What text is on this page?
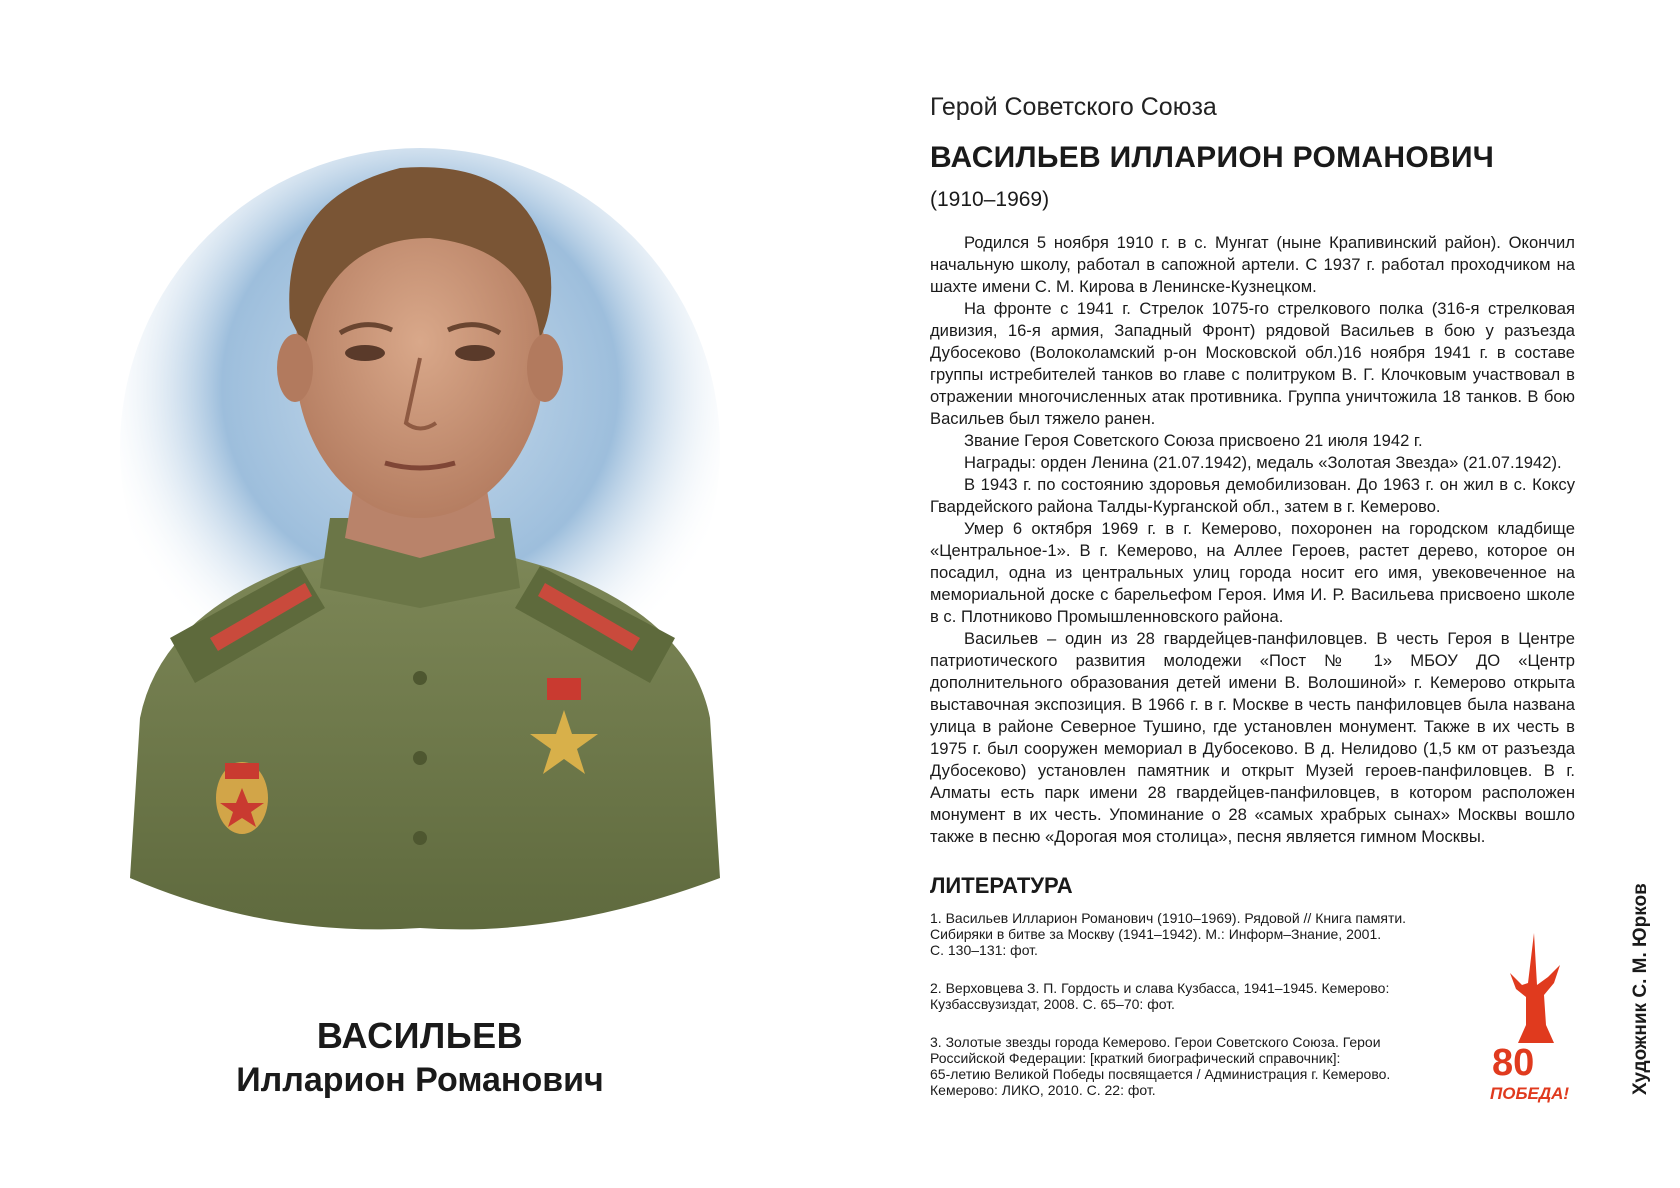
ВАСИЛЬЕВ
Илларион Романович
Герой Советского Союза
ВАСИЛЬЕВ ИЛЛАРИОН РОМАНОВИЧ
(1910–1969)

Родился 5 ноября 1910 г. в с. Мунгат (ныне Крапивинский район). Окончил начальную школу, работал в сапожной артели. С 1937 г. работал проходчиком на шахте имени С. М. Кирова в Ленинске-Кузнецком.

На фронте с 1941 г. Стрелок 1075-го стрелкового полка (316-я стрелковая дивизия, 16-я армия, Западный Фронт) рядовой Васильев в бою у разъезда Дубосеково (Волоколамский р-он Московской обл.)16 ноября 1941 г. в составе группы истребителей танков во главе с политруком В. Г. Клочковым участвовал в отражении многочисленных атак противника. Группа уничтожила 18 танков. В бою Васильев был тяжело ранен.

Звание Героя Советского Союза присвоено 21 июля 1942 г.

Награды: орден Ленина (21.07.1942), медаль «Золотая Звезда» (21.07.1942).

В 1943 г. по состоянию здоровья демобилизован. До 1963 г. он жил в с. Коксу Гвардейского района Талды-Курганской обл., затем в г. Кемерово.

Умер 6 октября 1969 г. в г. Кемерово, похоронен на городском кладбище «Центральное-1». В г. Кемерово, на Аллее Героев, растет дерево, которое он посадил, одна из центральных улиц города носит его имя, увековеченное на мемориальной доске с барельефом Героя. Имя И. Р. Васильева присвоено школе в с. Плотниково Промышленновского района.

Васильев – один из 28 гвардейцев-панфиловцев. В честь Героя в Центре патриотического развития молодежи «Пост № 1» МБОУ ДО «Центр дополнительного образования детей имени В. Волошиной» г. Кемерово открыта выставочная экспозиция. В 1966 г. в г. Москве в честь панфиловцев была названа улица в районе Северное Тушино, где установлен монумент. Также в их честь в 1975 г. был сооружен мемориал в Дубосеково. В д. Нелидово (1,5 км от разъезда Дубосеково) установлен памятник и открыт Музей героев-панфиловцев. В г. Алматы есть парк имени 28 гвардейцев-панфиловцев, в котором расположен монумент в их честь. Упоминание о 28 «самых храбрых сынах» Москвы вошло также в песню «Дорогая моя столица», песня является гимном Москвы.

ЛИТЕРАТУРА
1. Васильев Илларион Романович (1910–1969). Рядовой // Книга памяти.
Сибиряки в битве за Москву (1941–1942). М.: Информ–Знание, 2001.
С. 130–131: фот.
2. Верховцева З. П. Гордость и слава Кузбасса, 1941–1945. Кемерово:
Кузбассвузиздат, 2008. С. 65–70: фот.
3. Золотые звезды города Кемерово. Герои Советского Союза. Герои
Российской Федерации: [краткий биографический справочник]:
65-летию Великой Победы посвящается / Администрация г. Кемерово.
Кемерово: ЛИКО, 2010. С. 22: фот.
80
ПОБЕДА!	Художник С. М. Юрков
